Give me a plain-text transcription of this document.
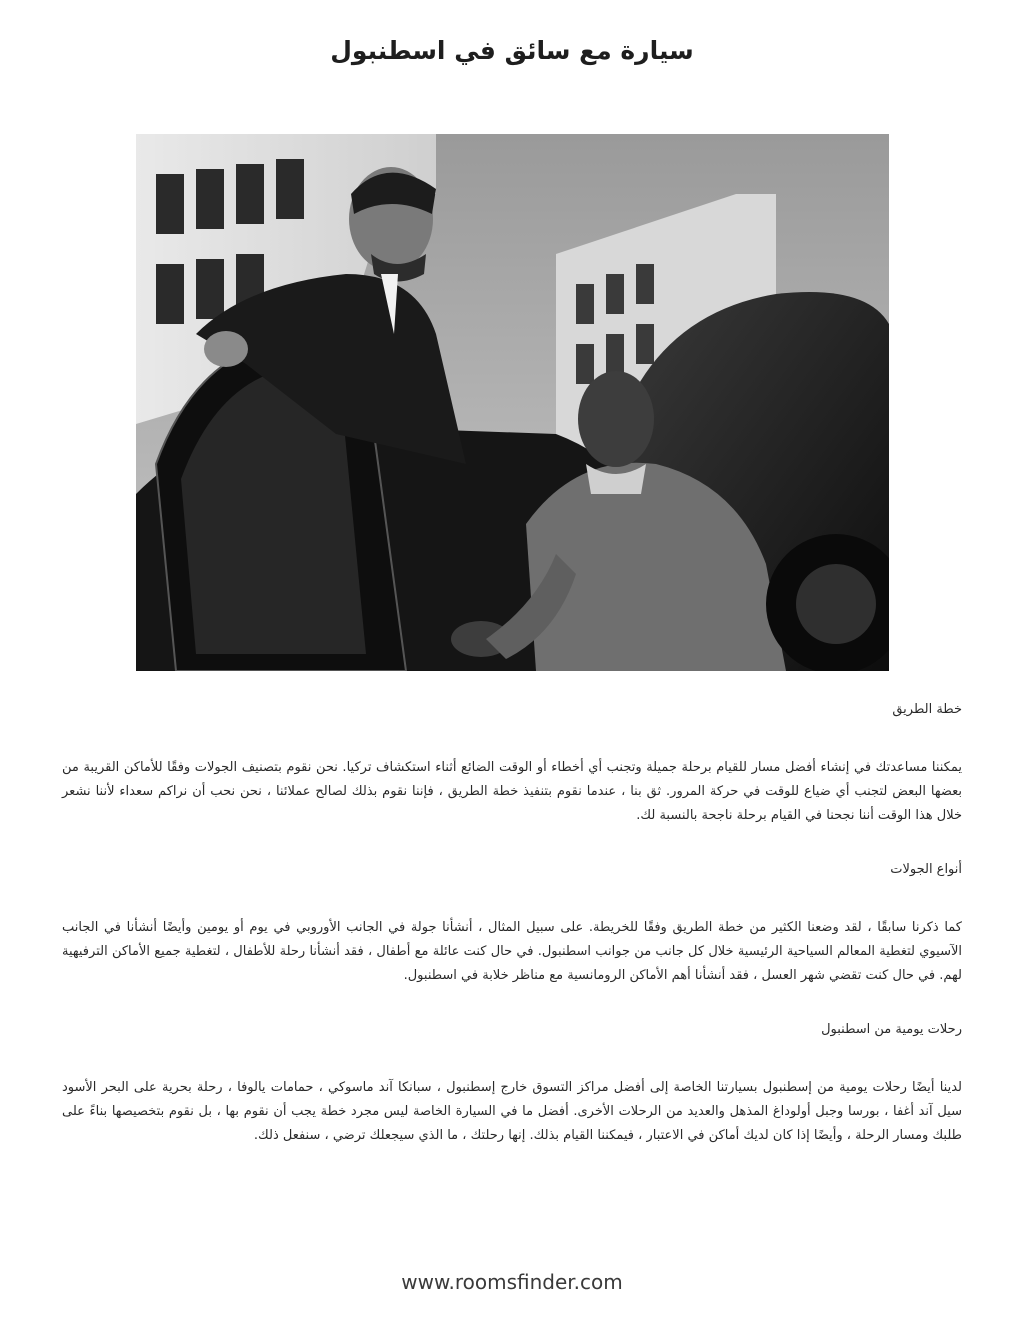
سيارة مع سائق في اسطنبول
خطة الطريق

يمكننا مساعدتك في إنشاء أفضل مسار للقيام برحلة جميلة وتجنب أي أخطاء أو الوقت الضائع أثناء استكشاف تركيا. نحن نقوم بتصنيف الجولات وفقًا للأماكن القريبة من بعضها البعض لتجنب أي ضياع للوقت في حركة المرور. ثق بنا ، عندما نقوم بتنفيذ خطة الطريق ، فإننا نقوم بذلك لصالح عملائنا ، نحن نحب أن نراكم سعداء لأننا نشعر خلال هذا الوقت أننا نجحنا في القيام برحلة ناجحة بالنسبة لك.

أنواع الجولات

كما ذكرنا سابقًا ، لقد وضعنا الكثير من خطة الطريق وفقًا للخريطة. على سبيل المثال ، أنشأنا جولة في الجانب الأوروبي في يوم أو يومين وأيضًا أنشأنا في الجانب الآسيوي لتغطية المعالم السياحية الرئيسية خلال كل جانب من جوانب اسطنبول. في حال كنت عائلة مع أطفال ، فقد أنشأنا رحلة للأطفال ، لتغطية جميع الأماكن الترفيهية لهم. في حال كنت تقضي شهر العسل ، فقد أنشأنا أهم الأماكن الرومانسية مع مناظر خلابة في اسطنبول.

رحلات يومية من اسطنبول

لدينا أيضًا رحلات يومية من إسطنبول بسيارتنا الخاصة إلى أفضل مراكز التسوق خارج إسطنبول ، سبانكا آند ماسوكي ، حمامات يالوفا ، رحلة بحرية على البحر الأسود سيل آند أغفا ، بورسا وجبل أولوداغ المذهل والعديد من الرحلات الأخرى. أفضل ما في السيارة الخاصة ليس مجرد خطة يجب أن نقوم بها ، بل نقوم بتخصيصها بناءً على طلبك ومسار الرحلة ، وأيضًا إذا كان لديك أماكن في الاعتبار ، فيمكننا القيام بذلك. إنها رحلتك ، ما الذي سيجعلك ترضي ، سنفعل ذلك.

www.roomsfinder.com
